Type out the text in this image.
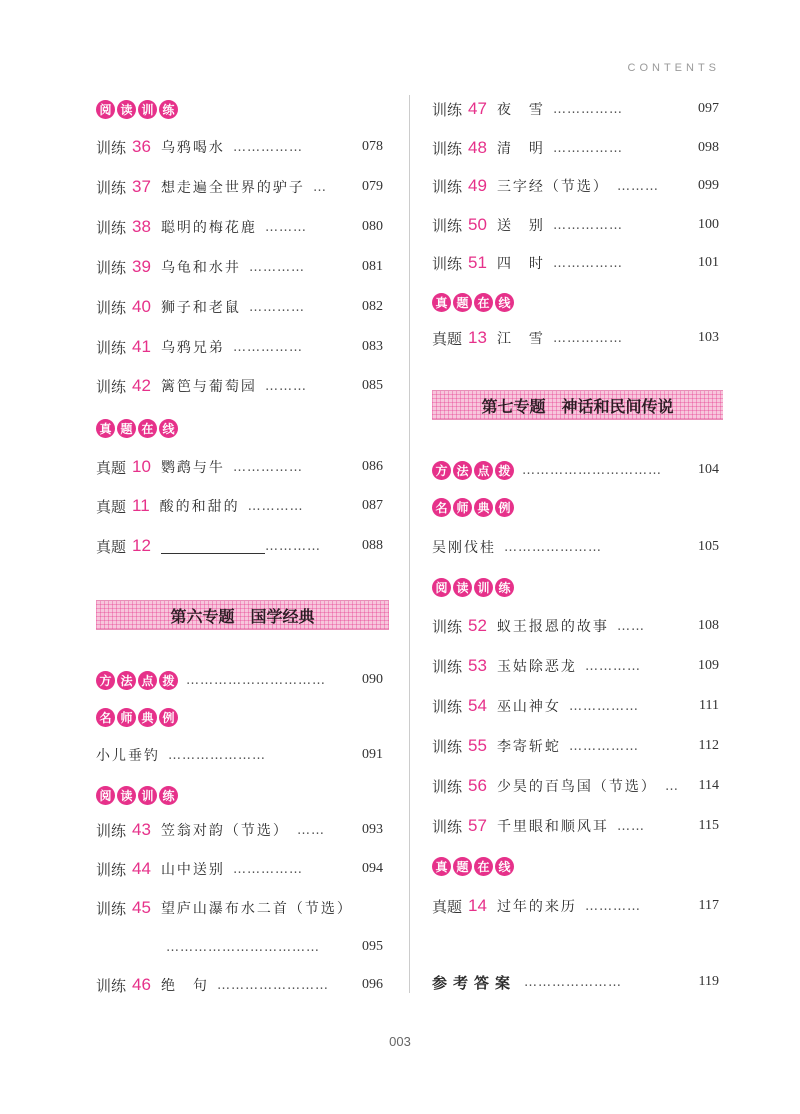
CONTENTS
阅 读 训 练
训练 36 乌鸦喝水 ……………	078
训练 37 想走遍全世界的驴子 …	079
训练 38 聪明的梅花鹿 ………	080
训练 39 乌龟和水井 …………	081
训练 40 狮子和老鼠 …………	082
训练 41 乌鸦兄弟 ……………	083
训练 42 篱笆与葡萄园 ………	085
真 题 在 线
真题 10 鹦鹉与牛 ……………	086
真题 11 酸的和甜的 …………	087
真题 12	…………	088
第六专题　国学经典
方 法 点 拨 …………………………	090
名 师 典 例
小儿垂钓 …………………	091
阅 读 训 练
训练 43 笠翁对韵（节选） ……	093
训练 44 山中送别 ……………	094
训练 45 望庐山瀑布水二首（节选）
……………………………	095
训练 46 绝　句 ……………………	096
训练 47 夜　雪 ……………	097
训练 48 清　明 ……………	098
训练 49 三字经（节选） ………	099
训练 50 送　别 ……………	100
训练 51 四　时 ……………	101
真 题 在 线
真题 13 江　雪 ……………	103
第七专题　神话和民间传说
方 法 点 拨 …………………………	104
名 师 典 例
吴刚伐桂 …………………	105
阅 读 训 练
训练 52 蚁王报恩的故事 ……	108
训练 53 玉姑除恶龙 …………	109
训练 54 巫山神女 ……………	111
训练 55 李寄斩蛇 ……………	112
训练 56 少昊的百鸟国（节选） …	114
训练 57 千里眼和顺风耳 ……	115
真 题 在 线
真题 14 过年的来历 …………	117
参考答案 …………………	119
003
